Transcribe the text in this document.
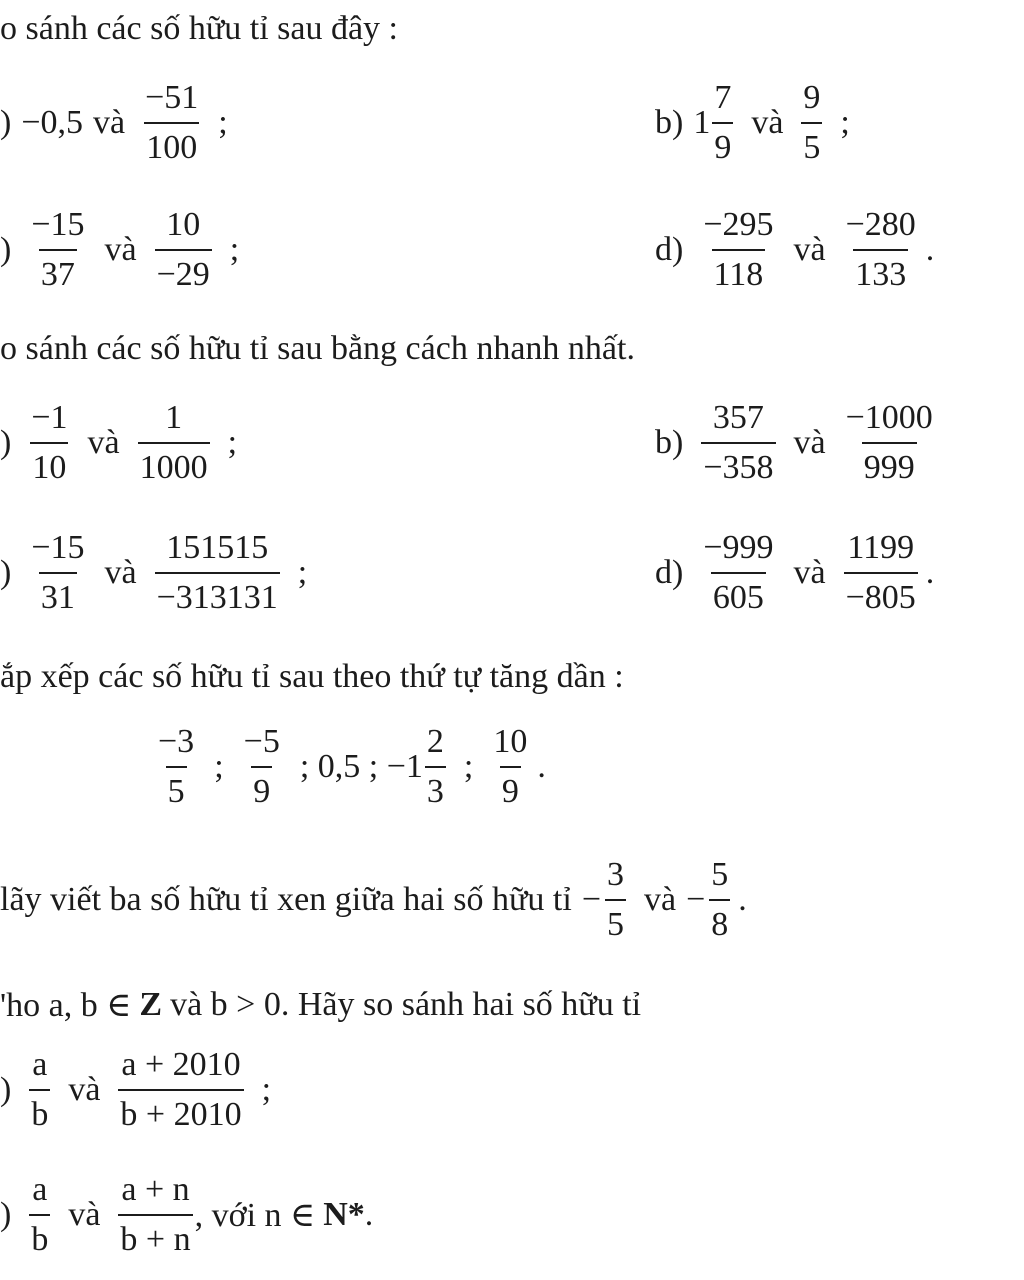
o sánh các số hữu tỉ sau đây :
) −0,5 và $\frac{-51}{100}$ ;	b) $1 \frac{7}{9}$ và $\frac{9}{5}$ ;
) $\frac{-15}{37}$ và $\frac{10}{-29}$ ;	$d) \frac{-295}{118}$ và $\frac{-280}{133}$ .
o sánh các số hữu tỉ sau bằng cách nhanh nhất.
) $\frac{-1}{10}$ và $\frac{1}{1000}$ ;	$b) \frac{357}{-358}$ và $\frac{-1000}{999}$
) $\frac{-15}{31}$ và $\frac{151515}{-313131}$ ;	$d) \frac{-999}{605}$ và $\frac{1199}{-805}$ .
ắp xếp các số hữu tỉ sau theo thứ tự tăng dần :
$\frac{-3}{5}$ ; $\frac{-5}{9}$ ; 0,5 ; $-1 \frac{2}{3}$ ; $\frac{10}{9}$ .
lãy viết ba số hữu tỉ xen giữa hai số hữu tỉ − $\frac{3}{5}$ và − $\frac{5}{8}$ .
'ho a, b ∈ Z và b > 0. Hãy so sánh hai số hữu tỉ
) $\frac{a}{b}$ và $\frac{a + 2010}{b + 2010}$ ;
) $\frac{a}{b}$ và $\frac{a + n}{b + n}$ , với n ∈ N* .
